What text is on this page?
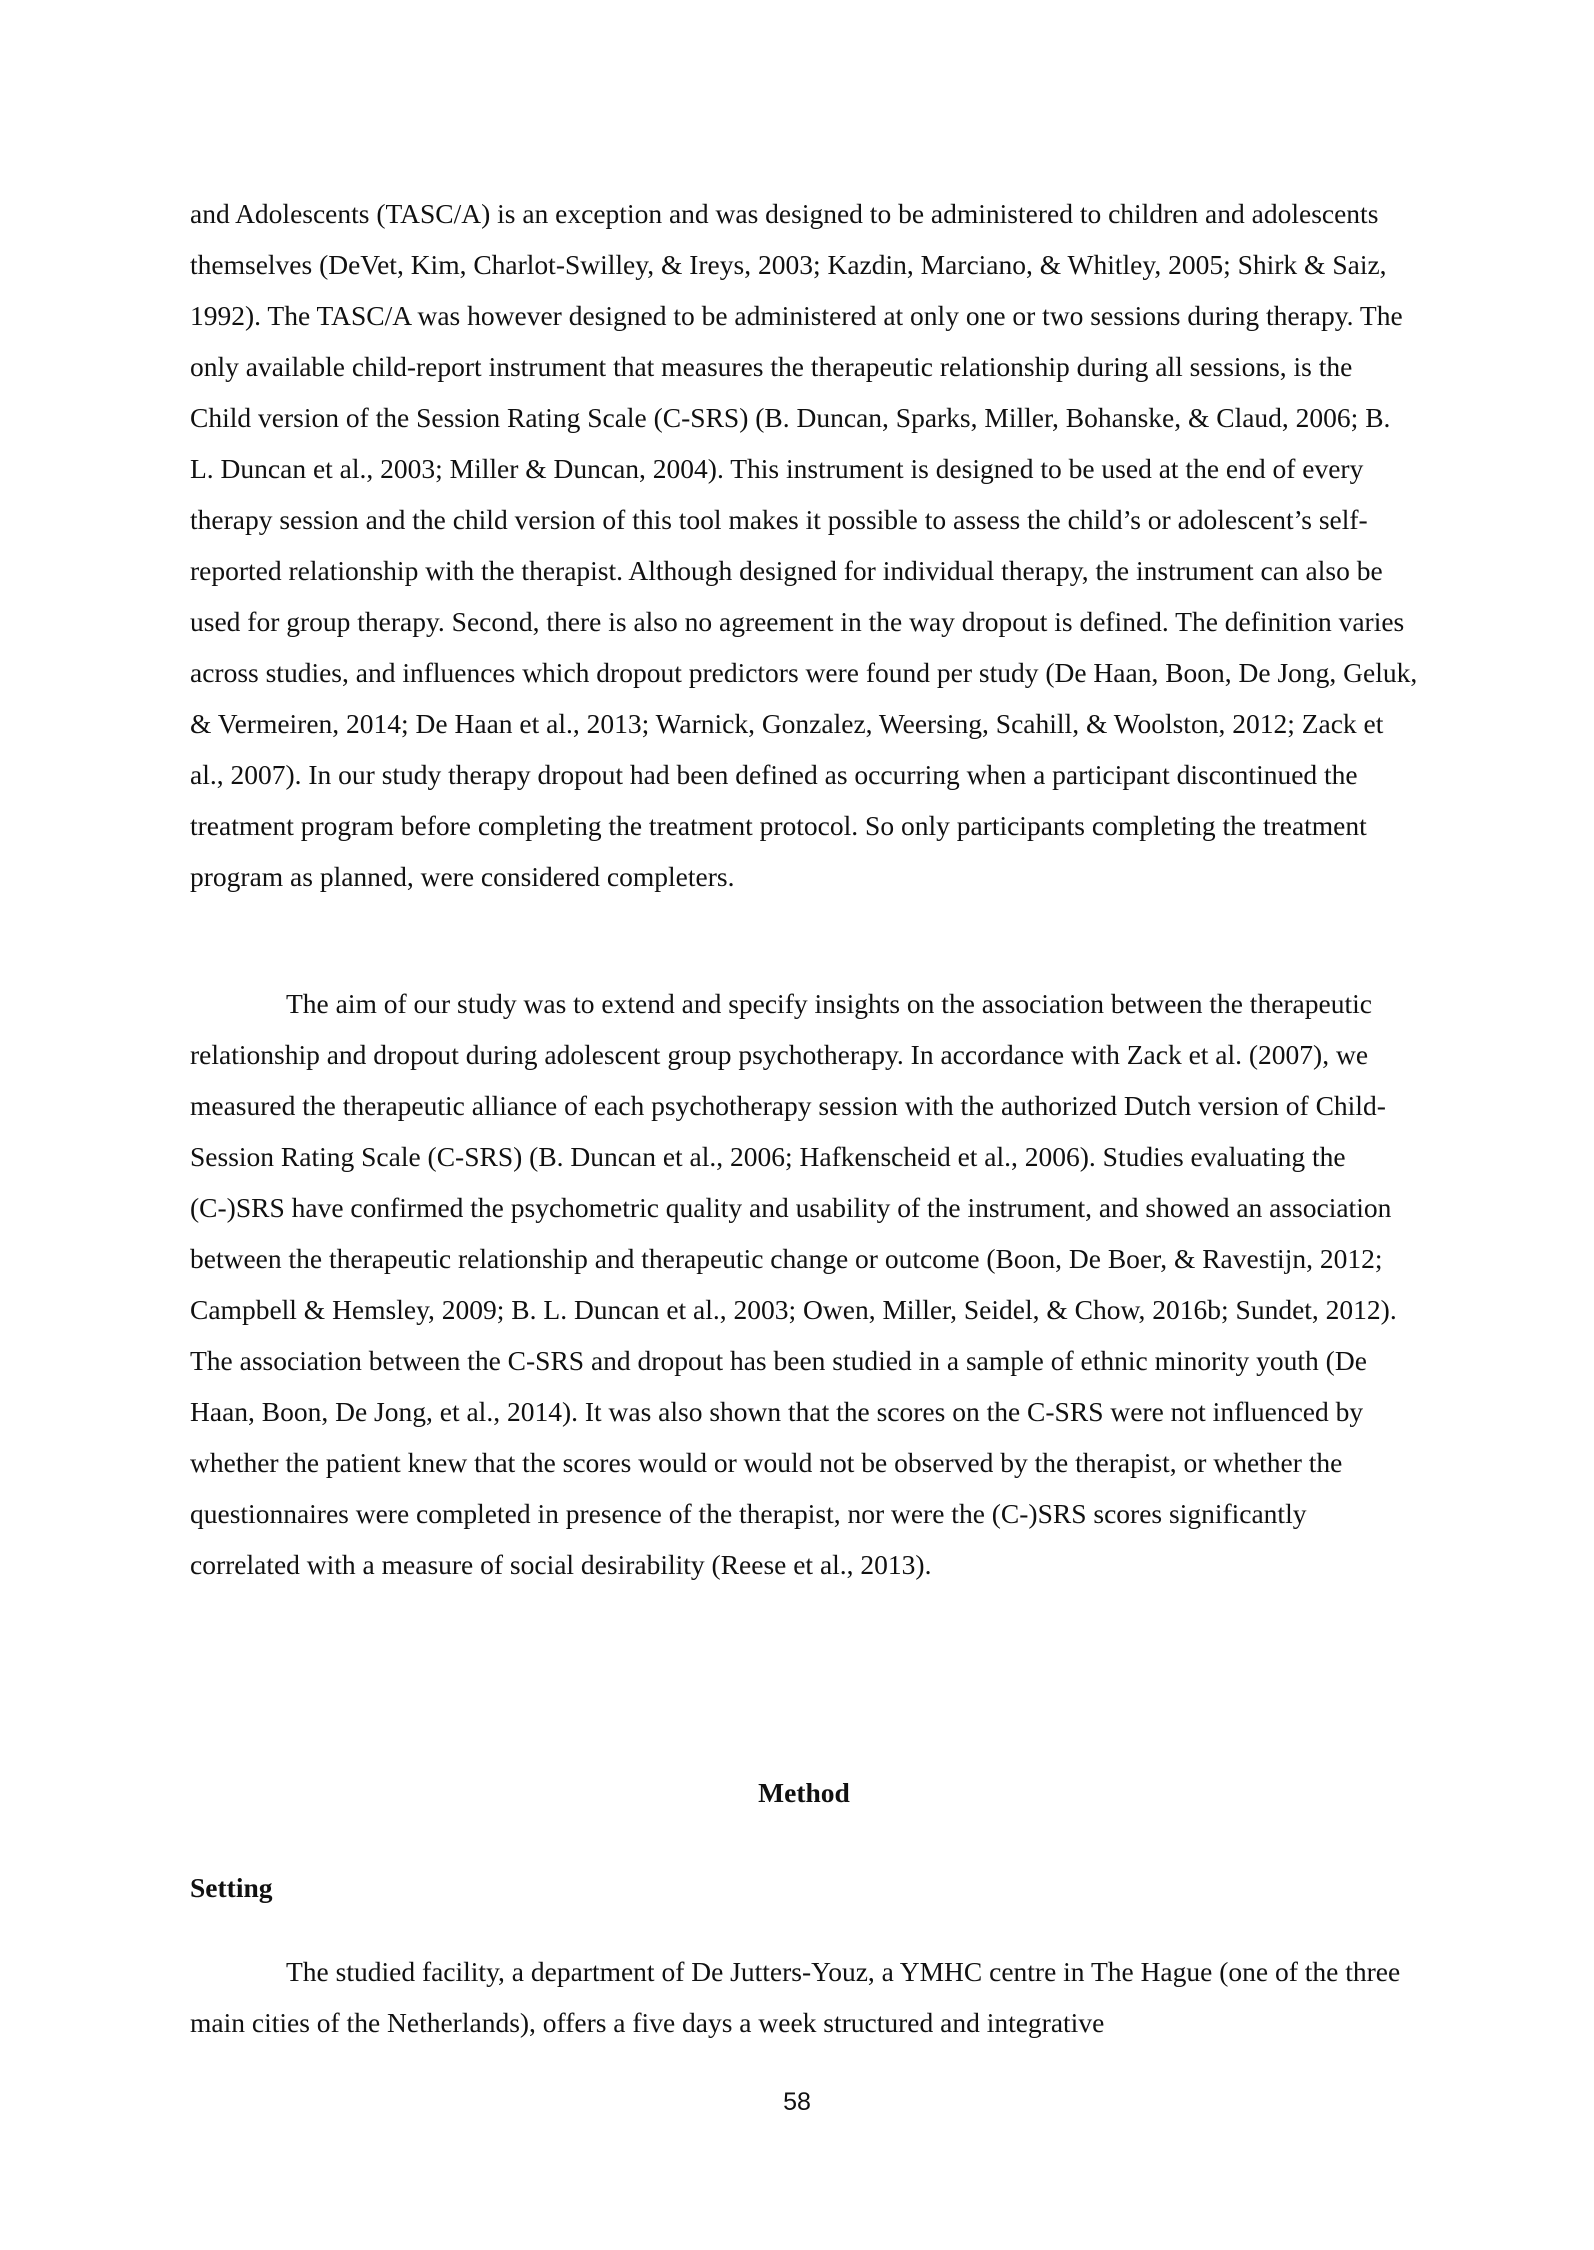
and Adolescents (TASC/A) is an exception and was designed to be administered to children and adolescents themselves (DeVet, Kim, Charlot-Swilley, & Ireys, 2003; Kazdin, Marciano, & Whitley, 2005; Shirk & Saiz, 1992). The TASC/A was however designed to be administered at only one or two sessions during therapy. The only available child-report instrument that measures the therapeutic relationship during all sessions, is the Child version of the Session Rating Scale (C-SRS) (B. Duncan, Sparks, Miller, Bohanske, & Claud, 2006; B. L. Duncan et al., 2003; Miller & Duncan, 2004). This instrument is designed to be used at the end of every therapy session and the child version of this tool makes it possible to assess the child’s or adolescent’s self-reported relationship with the therapist. Although designed for individual therapy, the instrument can also be used for group therapy. Second, there is also no agreement in the way dropout is defined. The definition varies across studies, and influences which dropout predictors were found per study (De Haan, Boon, De Jong, Geluk, & Vermeiren, 2014; De Haan et al., 2013; Warnick, Gonzalez, Weersing, Scahill, & Woolston, 2012; Zack et al., 2007). In our study therapy dropout had been defined as occurring when a participant discontinued the treatment program before completing the treatment protocol. So only participants completing the treatment program as planned, were considered completers.

The aim of our study was to extend and specify insights on the association between the therapeutic relationship and dropout during adolescent group psychotherapy. In accordance with Zack et al. (2007), we measured the therapeutic alliance of each psychotherapy session with the authorized Dutch version of Child-Session Rating Scale (C-SRS) (B. Duncan et al., 2006; Hafkenscheid et al., 2006). Studies evaluating the (C-)SRS have confirmed the psychometric quality and usability of the instrument, and showed an association between the therapeutic relationship and therapeutic change or outcome (Boon, De Boer, & Ravestijn, 2012; Campbell & Hemsley, 2009; B. L. Duncan et al., 2003; Owen, Miller, Seidel, & Chow, 2016b; Sundet, 2012). The association between the C-SRS and dropout has been studied in a sample of ethnic minority youth (De Haan, Boon, De Jong, et al., 2014). It was also shown that the scores on the C-SRS were not influenced by whether the patient knew that the scores would or would not be observed by the therapist, or whether the questionnaires were completed in presence of the therapist, nor were the (C-)SRS scores significantly correlated with a measure of social desirability (Reese et al., 2013).

Method
Setting

The studied facility, a department of De Jutters-Youz, a YMHC centre in The Hague (one of the three main cities of the Netherlands), offers a five days a week structured and integrative

58
